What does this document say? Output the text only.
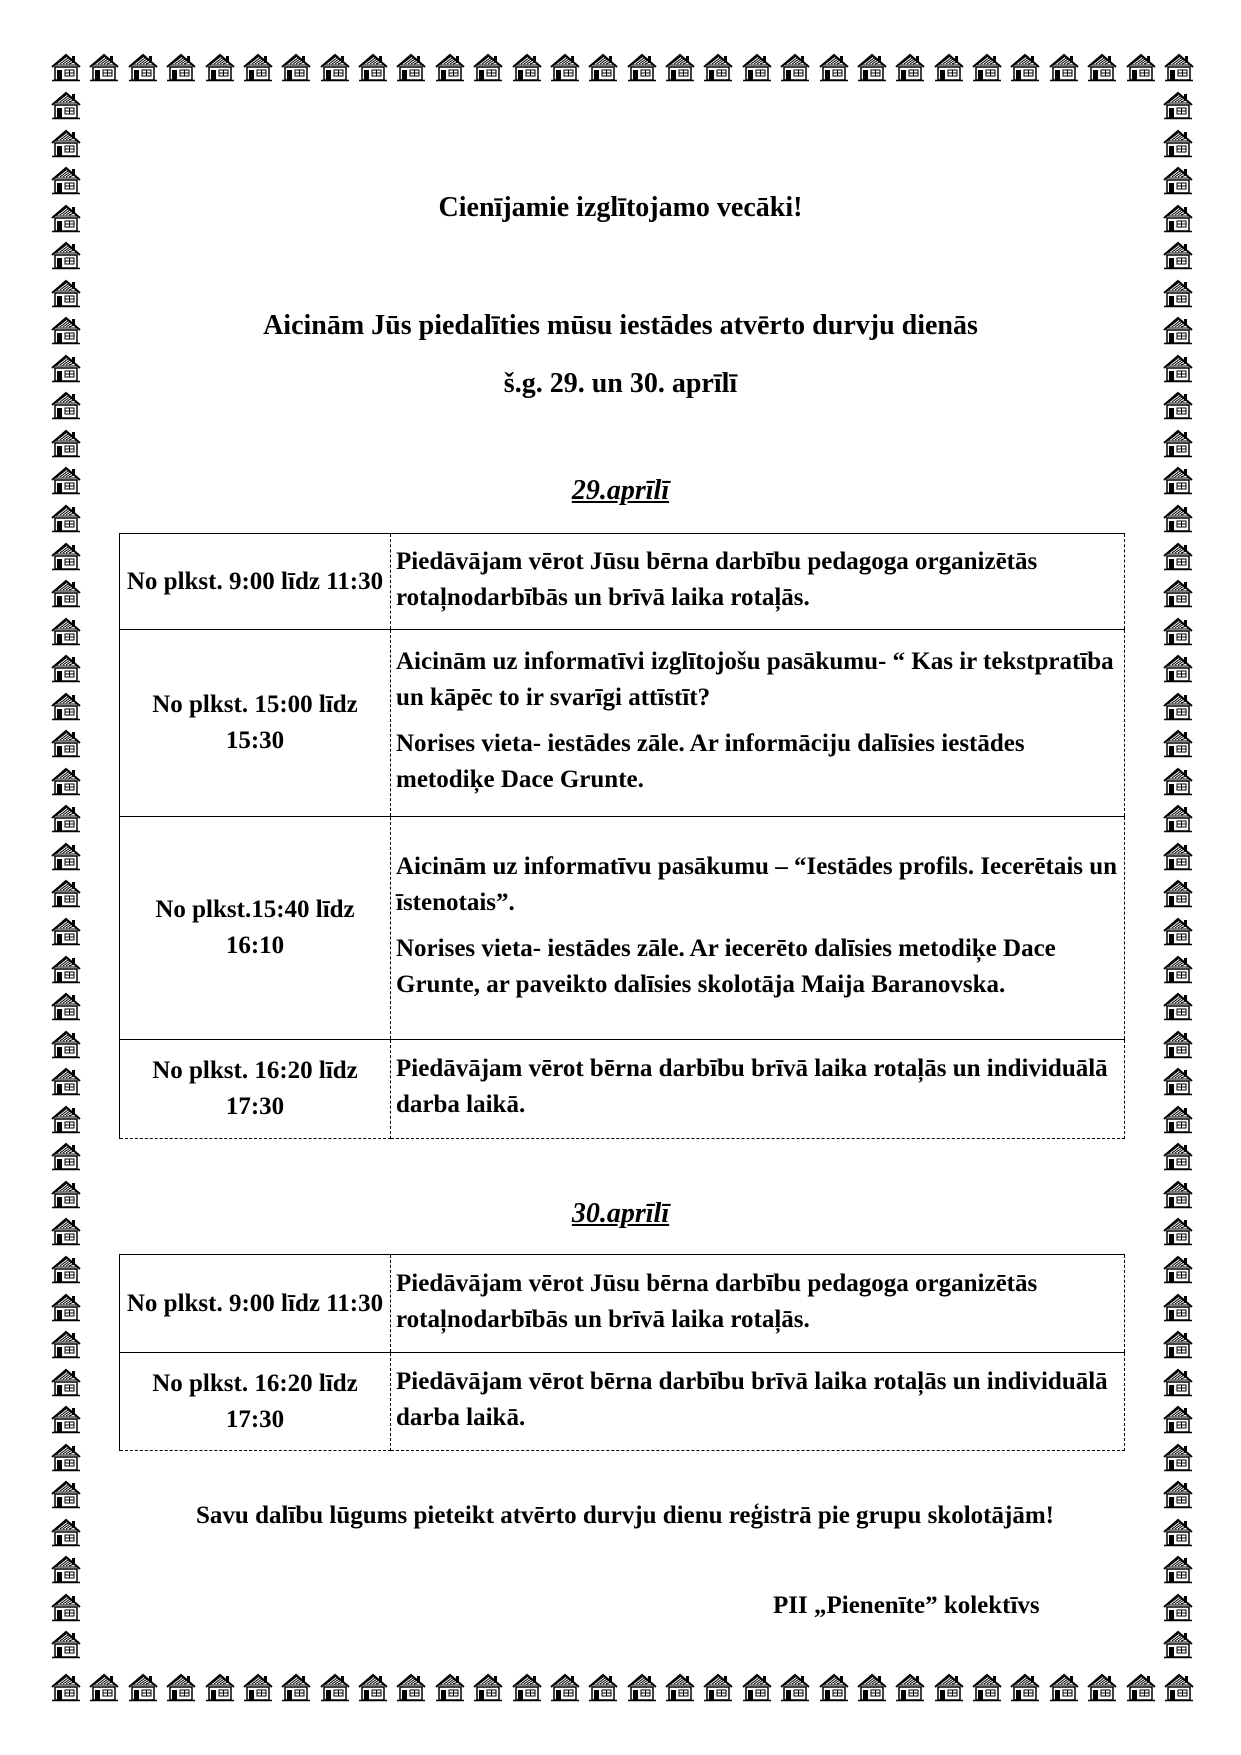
Cienījamie izglītojamo vecāki!
Aicinām Jūs piedalīties mūsu iestādes atvērto durvju dienās
š.g. 29. un 30. aprīlī
29.aprīlī
No plkst. 9:00 līdz 11:30	Piedāvājam vērot Jūsu bērna darbību pedagoga organizētās rotaļnodarbībās un brīvā laika rotaļās.

No plkst. 15:00 līdz 15:30	Aicinām uz informatīvi izglītojošu pasākumu- “ Kas ir tekstpratība un kāpēc to ir svarīgi attīstīt?

Norises vieta- iestādes zāle. Ar informāciju dalīsies iestādes metodiķe Dace Grunte.

No plkst.15:40 līdz 16:10	Aicinām uz informatīvu pasākumu – “Iestādes profils. Iecerētais un īstenotais”.

Norises vieta- iestādes zāle. Ar iecerēto dalīsies metodiķe Dace Grunte, ar paveikto dalīsies skolotāja Maija Baranovska.

No plkst. 16:20 līdz 17:30	Piedāvājam vērot bērna darbību brīvā laika rotaļās un individuālā darba laikā.

30.aprīlī
No plkst. 9:00 līdz 11:30	Piedāvājam vērot Jūsu bērna darbību pedagoga organizētās rotaļnodarbībās un brīvā laika rotaļās.

No plkst. 16:20 līdz 17:30	Piedāvājam vērot bērna darbību brīvā laika rotaļās un individuālā darba laikā.

Savu dalību lūgums pieteikt atvērto durvju dienu reģistrā pie grupu skolotājām!
PII „Pienenīte” kolektīvs
